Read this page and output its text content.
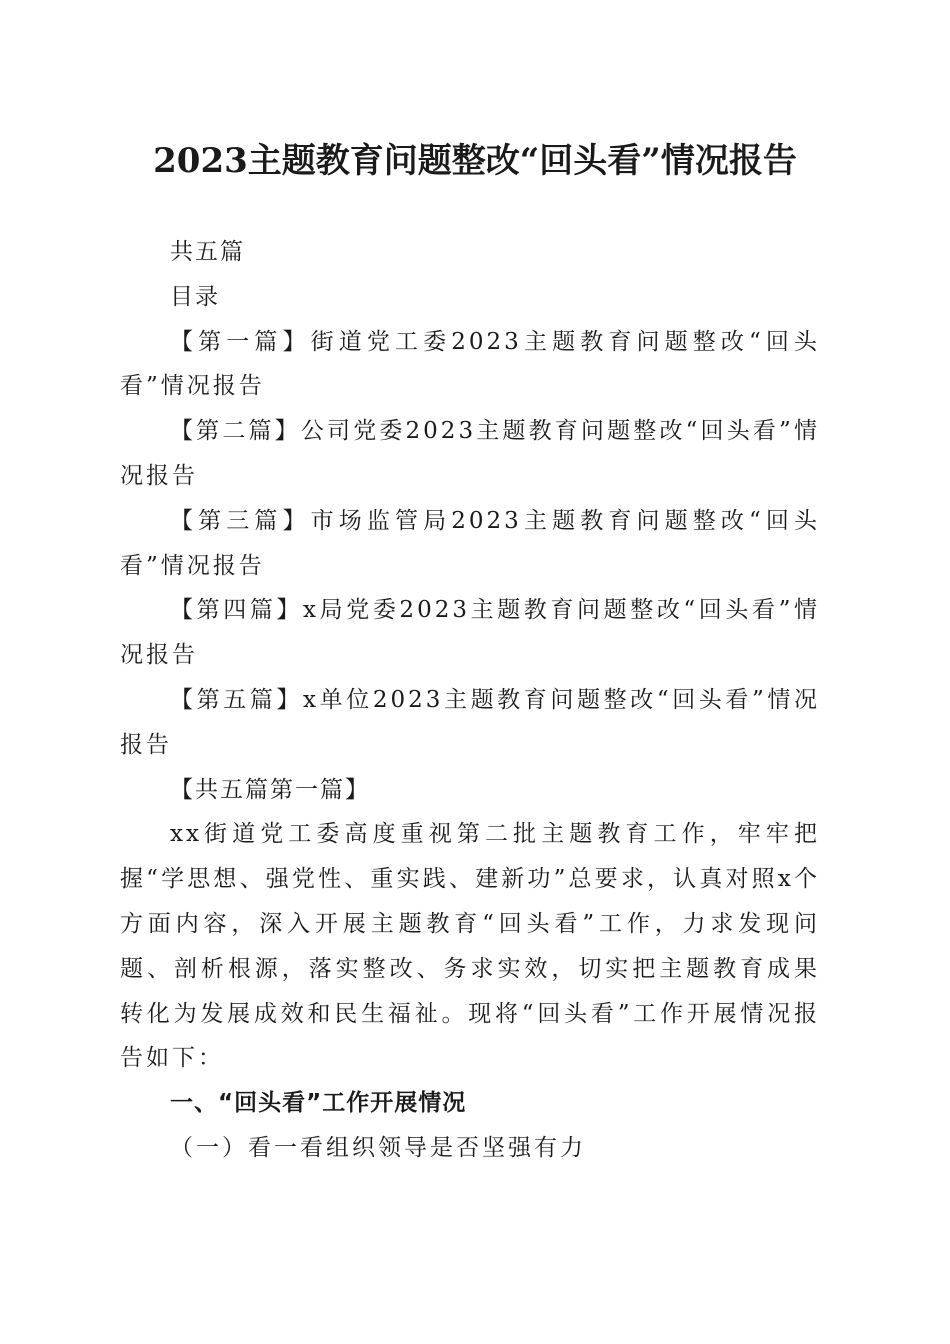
2023主题教育问题整改“回头看”情况报告

共五篇

目录

【第一篇】街道党工委2023主题教育问题整改“回头看”情况报告

【第二篇】公司党委2023主题教育问题整改“回头看”情况报告

【第三篇】市场监管局2023主题教育问题整改“回头看”情况报告

【第四篇】x局党委2023主题教育问题整改“回头看”情况报告

【第五篇】x单位2023主题教育问题整改“回头看”情况报告

【共五篇第一篇】

xx街道党工委高度重视第二批主题教育工作，牢牢把握“学思想、强党性、重实践、建新功”总要求，认真对照x个方面内容，深入开展主题教育“回头看”工作，力求发现问题、剖析根源，落实整改、务求实效，切实把主题教育成果转化为发展成效和民生福祉。现将“回头看”工作开展情况报告如下：

一、“回头看”工作开展情况

（一）看一看组织领导是否坚强有力
